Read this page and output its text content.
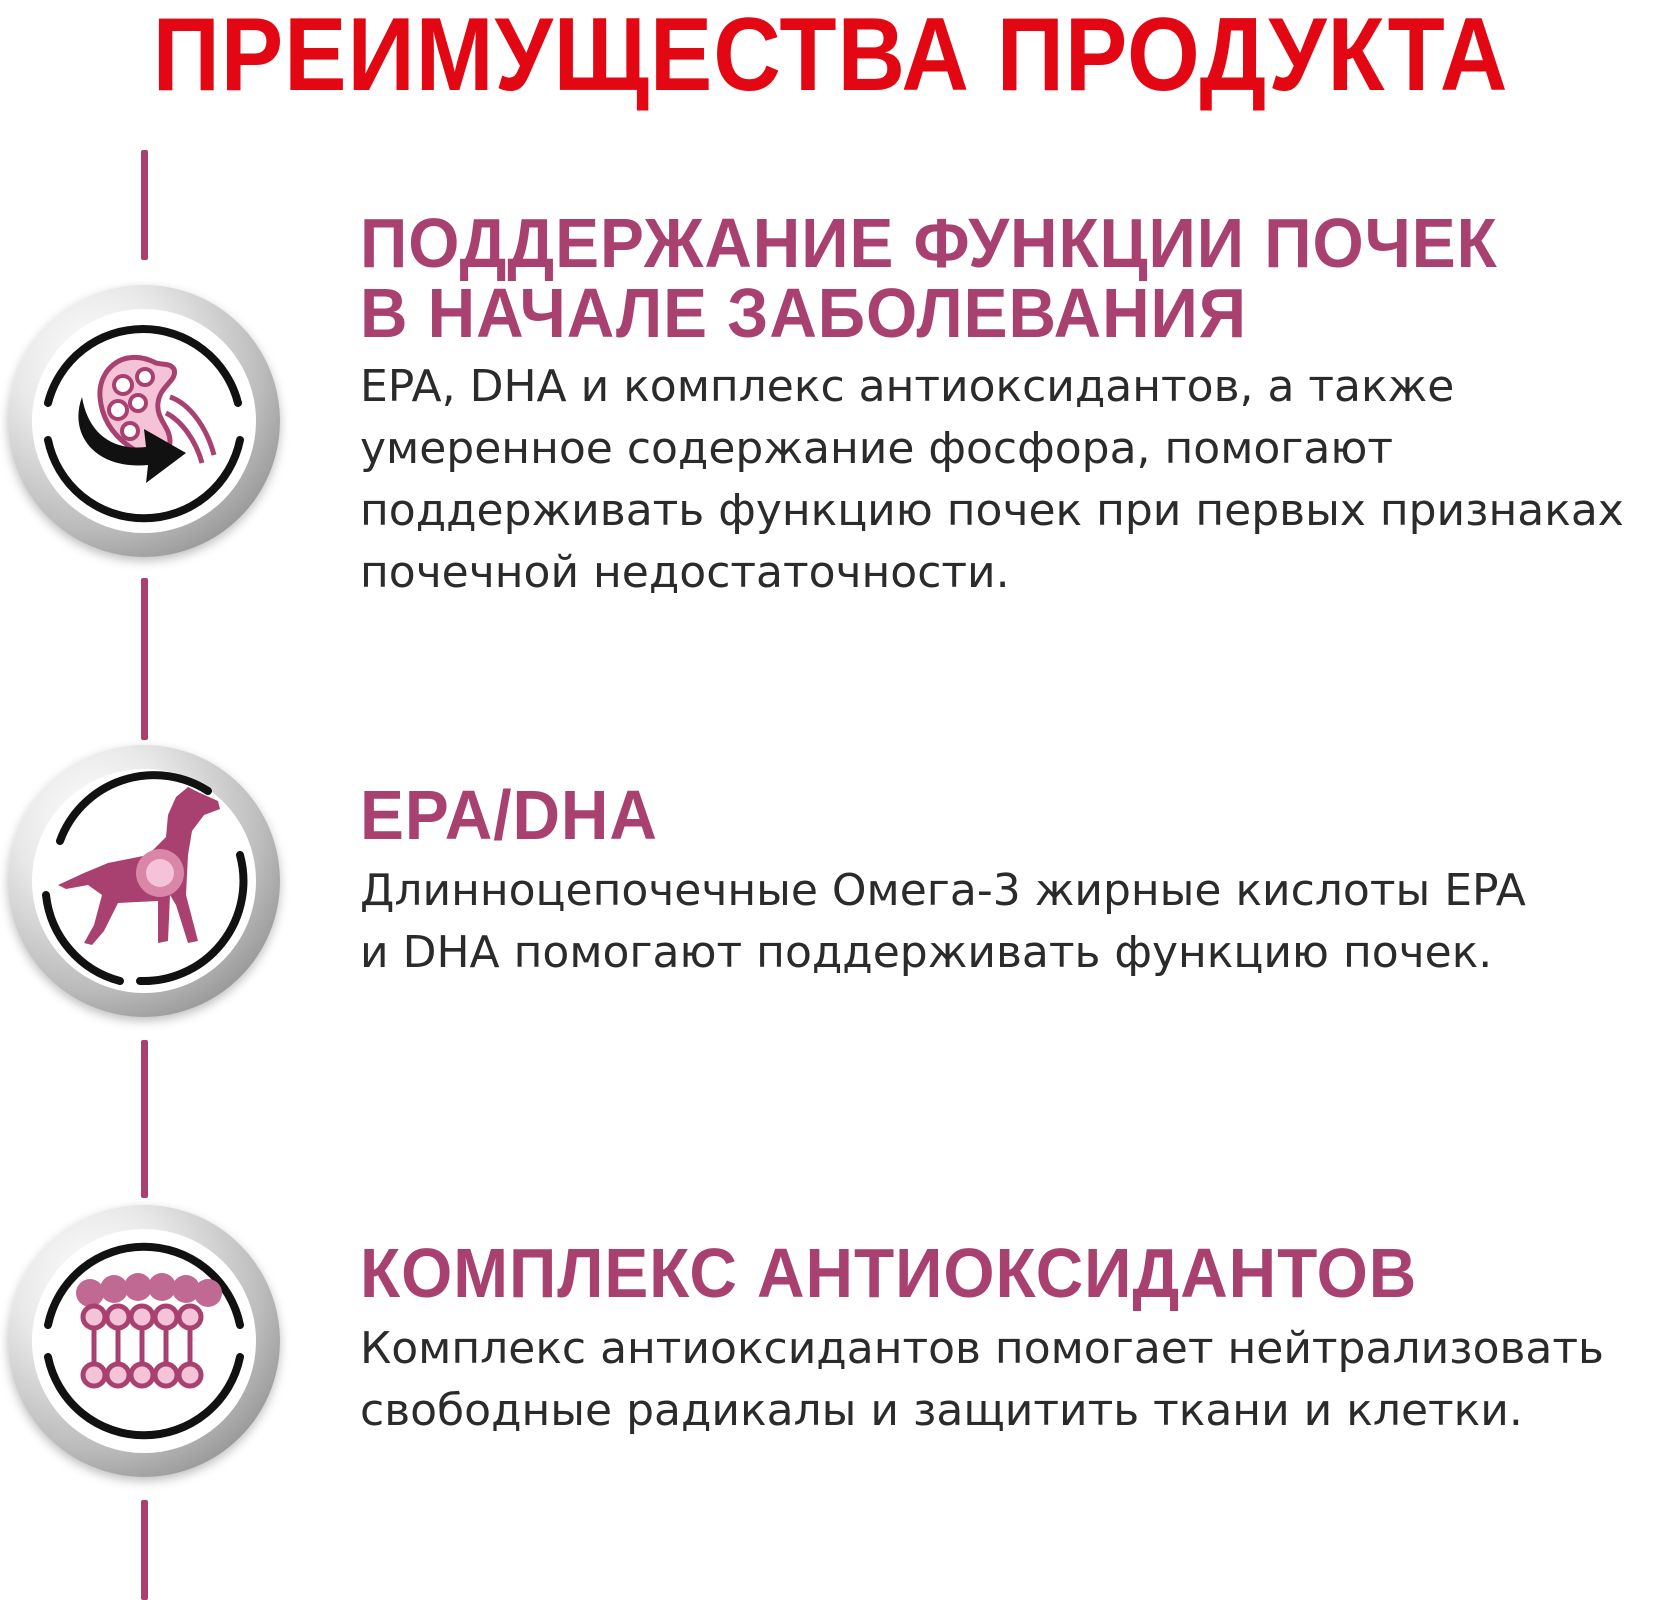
ПРЕИМУЩЕСТВА ПРОДУКТА
ПОДДЕРЖАНИЕ ФУНКЦИИ ПОЧЕК
В НАЧАЛЕ ЗАБОЛЕВАНИЯ

EPA, DHA и комплекс антиоксидантов, а также
умеренное содержание фосфора, помогают
поддерживать функцию почек при первых признаках
почечной недостаточности.

EPA/DHA

Длинноцепочечные Омега-3 жирные кислоты EPA
и DHA помогают поддерживать функцию почек.

КОМПЛЕКС АНТИОКСИДАНТОВ

Комплекс антиоксидантов помогает нейтрализовать
свободные радикалы и защитить ткани и клетки.
